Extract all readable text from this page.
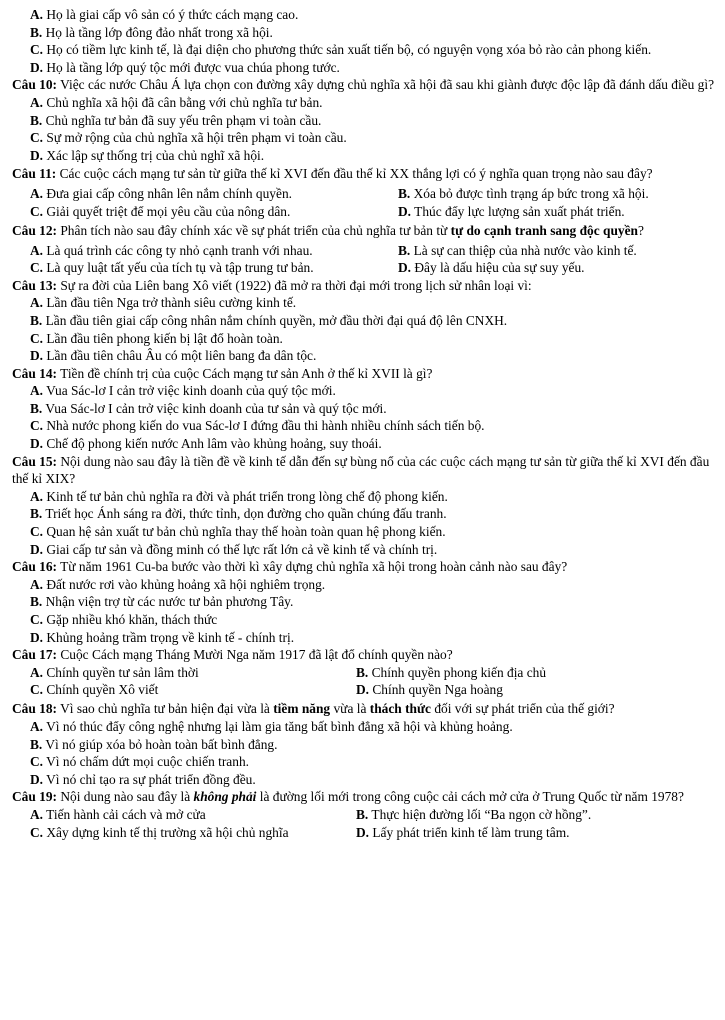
A. Họ là giai cấp vô sản có ý thức cách mạng cao.
B. Họ là tầng lớp đông đảo nhất trong xã hội.
C. Họ có tiềm lực kinh tế, là đại diện cho phương thức sản xuất tiến bộ, có nguyện vọng xóa bỏ rào cản phong kiến.
D. Họ là tầng lớp quý tộc mới được vua chúa phong tước.
Câu 10: Việc các nước Châu Á lựa chọn con đường xây dựng chủ nghĩa xã hội đã sau khi giành được độc lập đã đánh dấu điều gì?
A. Chủ nghĩa xã hội đã cân bằng với chủ nghĩa tư bản.
B. Chủ nghĩa tư bản đã suy yếu trên phạm vi toàn cầu.
C. Sự mở rộng của chủ nghĩa xã hội trên phạm vi toàn cầu.
D. Xác lập sự thống trị của chủ nghĩ xã hội.
Câu 11: Các cuộc cách mạng tư sản từ giữa thế kỉ XVI đến đầu thế kỉ XX thắng lợi có ý nghĩa quan trọng nào sau đây?
A. Đưa giai cấp công nhân lên nắm chính quyền.	B. Xóa bỏ được tình trạng áp bức trong xã hội.
C. Giải quyết triệt để mọi yêu cầu của nông dân.	D. Thúc đẩy lực lượng sản xuất phát triển.
Câu 12: Phân tích nào sau đây chính xác về sự phát triển của chủ nghĩa tư bản từ tự do cạnh tranh sang độc quyền?
A. Là quá trình các công ty nhỏ cạnh tranh với nhau.	B. Là sự can thiệp của nhà nước vào kinh tế.
C. Là quy luật tất yếu của tích tụ và tập trung tư bản.	D. Đây là dấu hiệu của sự suy yếu.
Câu 13: Sự ra đời của Liên bang Xô viết (1922) đã mở ra thời đại mới trong lịch sử nhân loại vì:
A. Lần đầu tiên Nga trở thành siêu cường kinh tế.
B. Lần đầu tiên giai cấp công nhân nắm chính quyền, mở đầu thời đại quá độ lên CNXH.
C. Lần đầu tiên phong kiến bị lật đổ hoàn toàn.
D. Lần đầu tiên châu Âu có một liên bang đa dân tộc.
Câu 14: Tiền đề chính trị của cuộc Cách mạng tư sản Anh ở thế kỉ XVII là gì?
A. Vua Sác-lơ I cản trở việc kinh doanh của quý tộc mới.
B. Vua Sác-lơ I cản trở việc kinh doanh của tư sản và quý tộc mới.
C. Nhà nước phong kiến do vua Sác-lơ I đứng đầu thi hành nhiều chính sách tiến bộ.
D. Chế độ phong kiến nước Anh lâm vào khủng hoảng, suy thoái.
Câu 15: Nội dung nào sau đây là tiền đề về kinh tế dẫn đến sự bùng nổ của các cuộc cách mạng tư sản từ giữa thế kỉ XVI đến đầu thế kỉ XIX?
A. Kinh tế tư bản chủ nghĩa ra đời và phát triển trong lòng chế độ phong kiến.
B. Triết học Ánh sáng ra đời, thức tỉnh, dọn đường cho quần chúng đấu tranh.
C. Quan hệ sản xuất tư bản chủ nghĩa thay thế hoàn toàn quan hệ phong kiến.
D. Giai cấp tư sản và đồng minh có thế lực rất lớn cả về kinh tế và chính trị.
Câu 16: Từ năm 1961 Cu-ba bước vào thời kì xây dựng chủ nghĩa xã hội trong hoàn cảnh nào sau đây?
A. Đất nước rơi vào khủng hoảng xã hội nghiêm trọng.
B. Nhận viện trợ từ các nước tư bản phương Tây.
C. Gặp nhiều khó khăn, thách thức
D. Khủng hoảng trầm trọng về kinh tế - chính trị.
Câu 17: Cuộc Cách mạng Tháng Mười Nga năm 1917 đã lật đổ chính quyền nào?
A. Chính quyền tư sản lâm thời	B. Chính quyền phong kiến địa chủ
C. Chính quyền Xô viết	D. Chính quyền Nga hoàng
Câu 18: Vì sao chủ nghĩa tư bản hiện đại vừa là tiềm năng vừa là thách thức đối với sự phát triển của thế giới?
A. Vì nó thúc đẩy công nghệ nhưng lại làm gia tăng bất bình đẳng xã hội và khủng hoảng.
B. Vì nó giúp xóa bỏ hoàn toàn bất bình đẳng.
C. Vì nó chấm dứt mọi cuộc chiến tranh.
D. Vì nó chỉ tạo ra sự phát triển đồng đều.
Câu 19: Nội dung nào sau đây là không phải là đường lối mới trong công cuộc cải cách mở cửa ở Trung Quốc từ năm 1978?
A. Tiến hành cải cách và mở cửa	B. Thực hiện đường lối “Ba ngọn cờ hồng”.
C. Xây dựng kinh tế thị trường xã hội chủ nghĩa	D. Lấy phát triển kinh tế làm trung tâm.
